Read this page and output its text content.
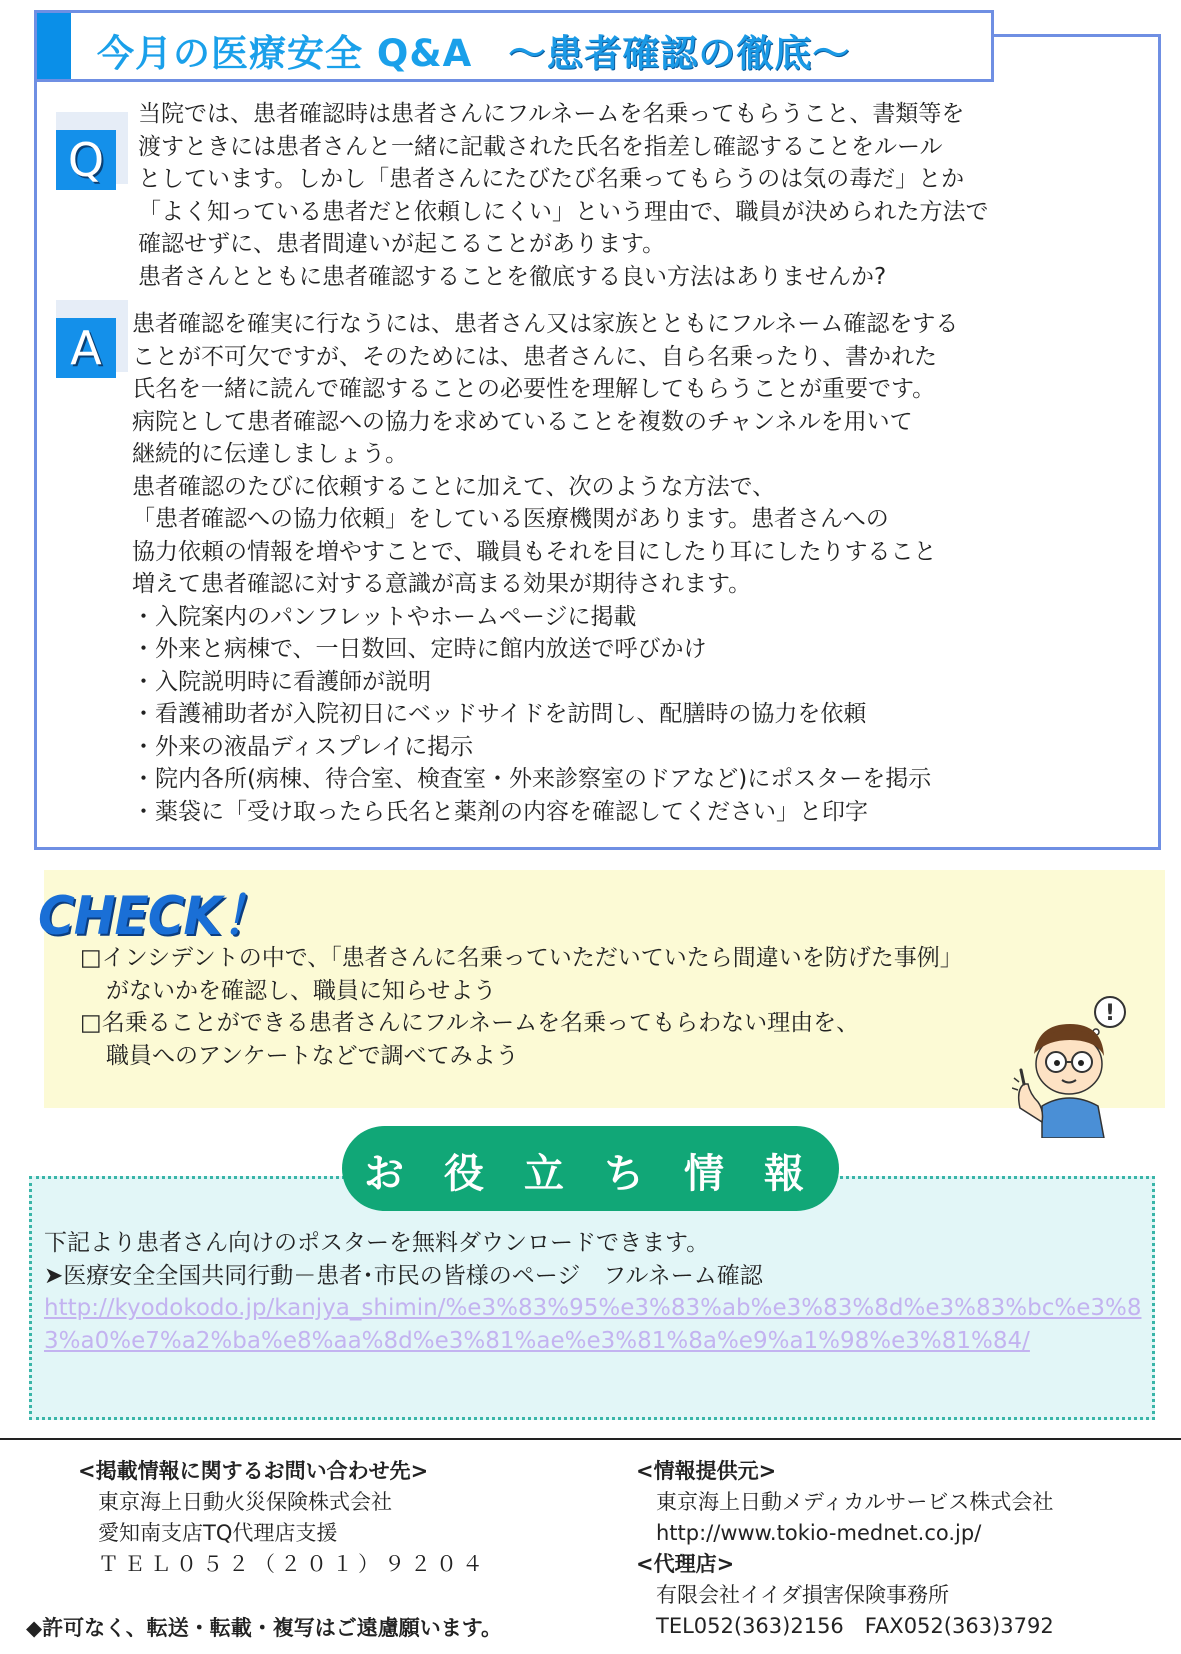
今月の医療安全 Q&A ～患者確認の徹底～
Q
当院では、患者確認時は患者さんにフルネームを名乗ってもらうこと、書類等を
渡すときには患者さんと一緒に記載された氏名を指差し確認することをルール
としています。しかし「患者さんにたびたび名乗ってもらうのは気の毒だ」とか
「よく知っている患者だと依頼しにくい」という理由で、職員が決められた方法で
確認せずに、患者間違いが起こることがあります。
患者さんとともに患者確認することを徹底する良い方法はありませんか?
A	患者確認を確実に行なうには、患者さん又は家族とともにフルネーム確認をする
ことが不可欠ですが、そのためには、患者さんに、自ら名乗ったり、書かれた
氏名を一緒に読んで確認することの必要性を理解してもらうことが重要です。
病院として患者確認への協力を求めていることを複数のチャンネルを用いて
継続的に伝達しましょう。
患者確認のたびに依頼することに加えて、次のような方法で、
「患者確認への協力依頼」をしている医療機関があります。患者さんへの
協力依頼の情報を増やすことで、職員もそれを目にしたり耳にしたりすること
増えて患者確認に対する意識が高まる効果が期待されます。
・入院案内のパンフレットやホームページに掲載
・外来と病棟で、一日数回、定時に館内放送で呼びかけ
・入院説明時に看護師が説明
・看護補助者が入院初日にベッドサイドを訪問し、配膳時の協力を依頼
・外来の液晶ディスプレイに掲示
・院内各所(病棟、待合室、検査室・外来診察室のドアなど)にポスターを掲示
・薬袋に「受け取ったら氏名と薬剤の内容を確認してください」と印字
CHECK！
□インシデントの中で、「患者さんに名乗っていただいていたら間違いを防げた事例」
がないかを確認し、職員に知らせよう
□名乗ることができる患者さんにフルネームを名乗ってもらわない理由を、
職員へのアンケートなどで調べてみよう
!
お 役 立 ち 情 報
下記より患者さん向けのポスターを無料ダウンロードできます。
➤医療安全全国共同行動－患者･市民の皆様のページ　フルネーム確認
http://kyodokodo.jp/kanjya_shimin/%e3%83%95%e3%83%ab%e3%83%8d%e3%83%bc%e3%83%a0%e7%a2%ba%e8%aa%8d%e3%81%ae%e3%81%8a%e9%a1%98%e3%81%84/
<掲載情報に関するお問い合わせ先>
東京海上日動火災保険株式会社
愛知南支店TQ代理店支援
ＴＥＬ０５２（２０１）９２０４
<情報提供元>
東京海上日動メディカルサービス株式会社
http://www.tokio-mednet.co.jp/
<代理店>
有限会社イイダ損害保険事務所
TEL052(363)2156　FAX052(363)3792
◆許可なく、転送・転載・複写はご遠慮願います。
